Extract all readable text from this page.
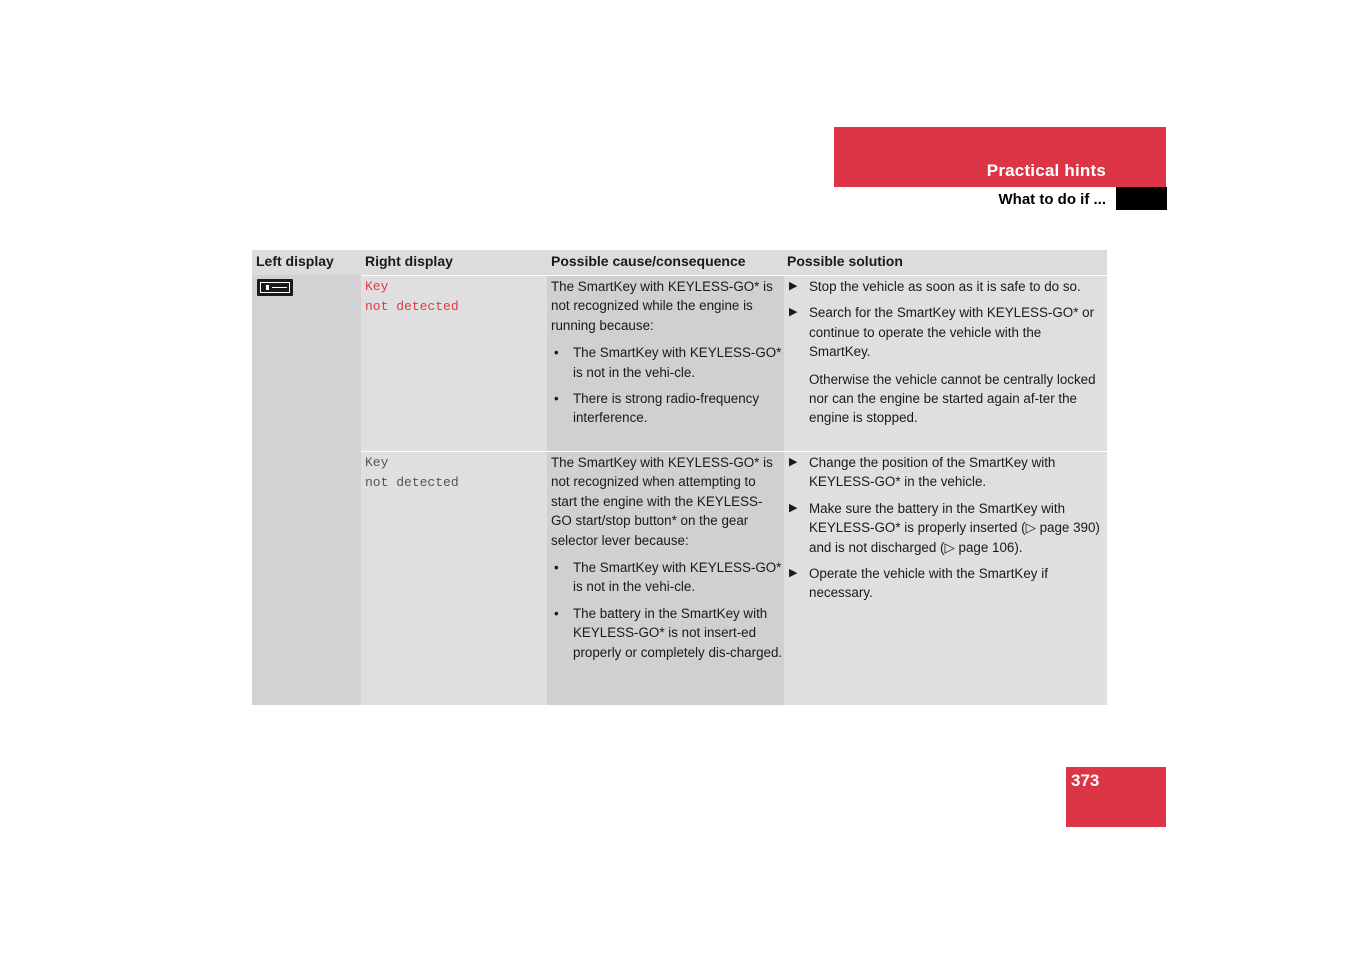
Practical hints
What to do if ...
Left display Right display	Possible cause/consequence	Possible solution
Key
not detected

The SmartKey with KEYLESS-GO* is not recognized while the engine is running because:

• The SmartKey with KEYLESS-GO* is not in the vehi-cle.
• There is strong radio-frequency interference.
▶ Stop the vehicle as soon as it is safe to do so.
▶ Search for the SmartKey with KEYLESS-GO* or continue to operate the vehicle with the SmartKey.
Otherwise the vehicle cannot be centrally locked nor can the engine be started again af-ter the engine is stopped.
Key
not detected

The SmartKey with KEYLESS-GO* is not recognized when attempting to start the engine with the KEYLESS-GO start/stop button* on the gear selector lever because:

• The SmartKey with KEYLESS-GO* is not in the vehi-cle.
• The battery in the SmartKey with KEYLESS-GO* is not insert-ed properly or completely dis-charged.
▶ Change the position of the SmartKey with KEYLESS-GO* in the vehicle.
▶ Make sure the battery in the SmartKey with KEYLESS-GO* is properly inserted (▷ page 390) and is not discharged (▷ page 106).
▶ Operate the vehicle with the SmartKey if necessary.
373
